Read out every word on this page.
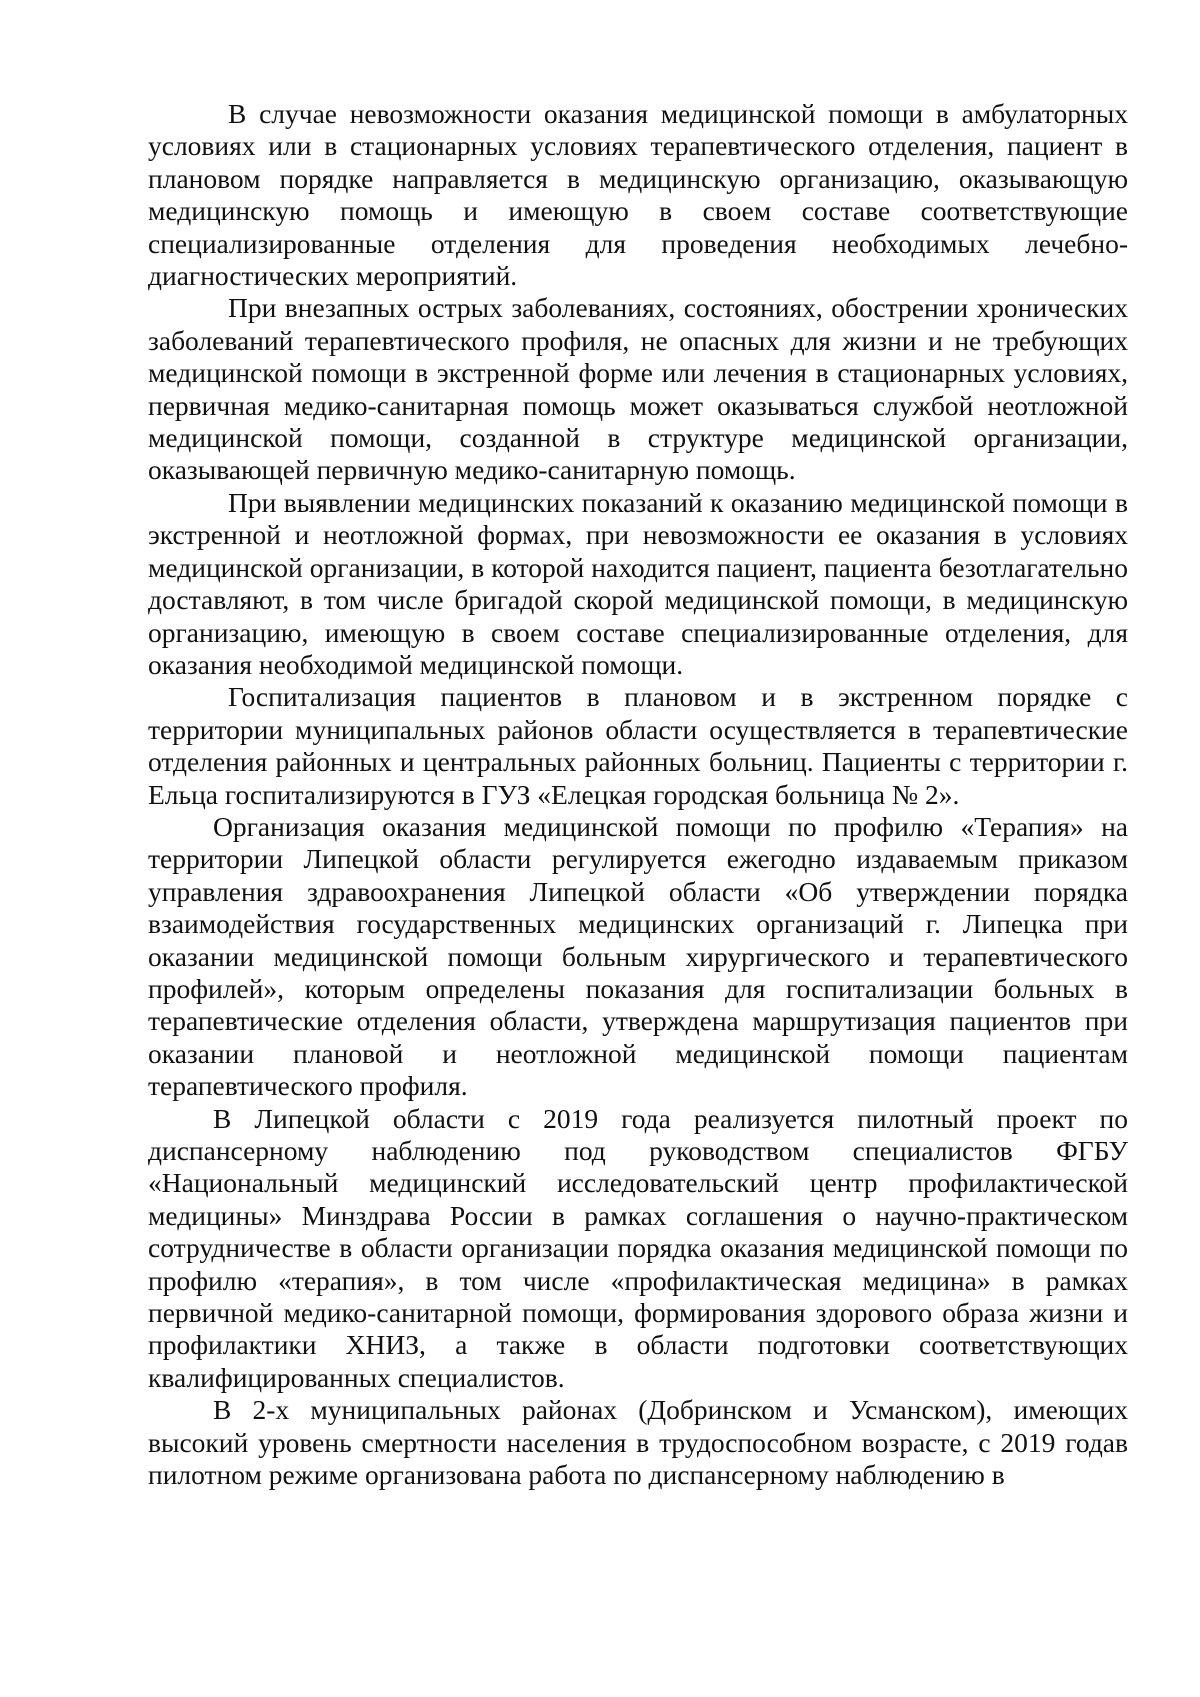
В случае невозможности оказания медицинской помощи в амбулаторных условиях или в стационарных условиях терапевтического отделения, пациент в плановом порядке направляется в медицинскую организацию, оказывающую медицинскую помощь и имеющую в своем составе соответствующие специализированные отделения для проведения необходимых лечебно-диагностических мероприятий.

При внезапных острых заболеваниях, состояниях, обострении хронических заболеваний терапевтического профиля, не опасных для жизни и не требующих медицинской помощи в экстренной форме или лечения в стационарных условиях, первичная медико-санитарная помощь может оказываться службой неотложной медицинской помощи, созданной в структуре медицинской организации, оказывающей первичную медико-санитарную помощь.

При выявлении медицинских показаний к оказанию медицинской помощи в экстренной и неотложной формах, при невозможности ее оказания в условиях медицинской организации, в которой находится пациент, пациента безотлагательно доставляют, в том числе бригадой скорой медицинской помощи, в медицинскую организацию, имеющую в своем составе специализированные отделения, для оказания необходимой медицинской помощи.

Госпитализация пациентов в плановом и в экстренном порядке с территории муниципальных районов области осуществляется в терапевтические отделения районных и центральных районных больниц. Пациенты с территории г. Ельца госпитализируются в ГУЗ «Елецкая городская больница № 2».

Организация оказания медицинской помощи по профилю «Терапия» на территории Липецкой области регулируется ежегодно издаваемым приказом управления здравоохранения Липецкой области «Об утверждении порядка взаимодействия государственных медицинских организаций г. Липецка при оказании медицинской помощи больным хирургического и терапевтического профилей», которым определены показания для госпитализации больных в терапевтические отделения области, утверждена маршрутизация пациентов при оказании плановой и неотложной медицинской помощи пациентам терапевтического профиля.

В Липецкой области с 2019 года реализуется пилотный проект по диспансерному наблюдению под руководством специалистов ФГБУ «Национальный медицинский исследовательский центр профилактической медицины» Минздрава России в рамках соглашения о научно-практическом сотрудничестве в области организации порядка оказания медицинской помощи по профилю «терапия», в том числе «профилактическая медицина» в рамках первичной медико-санитарной помощи, формирования здорового образа жизни и профилактики ХНИЗ, а также в области подготовки соответствующих квалифицированных специалистов.

В 2-х муниципальных районах (Добринском и Усманском), имеющих высокий уровень смертности населения в трудоспособном возрасте, с 2019 годав пилотном режиме организована работа по диспансерному наблюдению в
